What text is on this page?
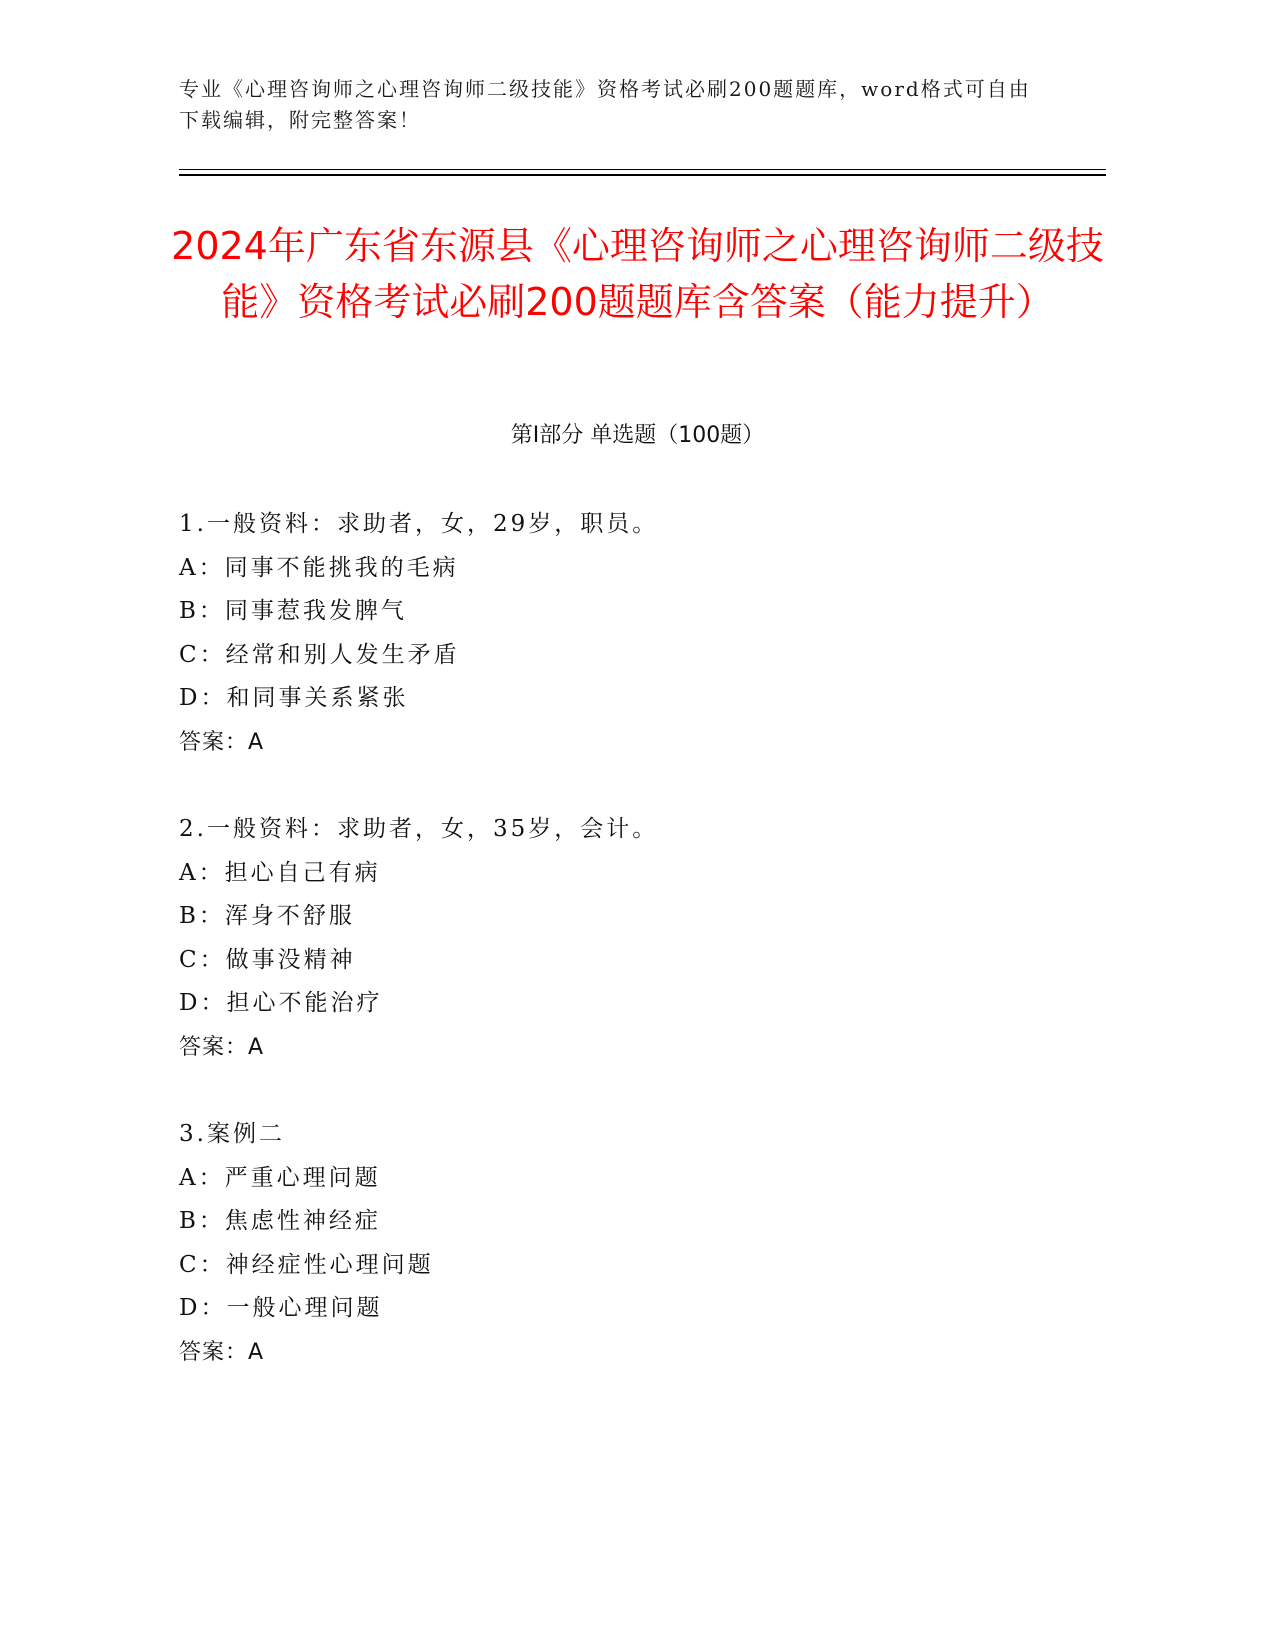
专业《心理咨询师之心理咨询师二级技能》资格考试必刷200题题库，word格式可自由下载编辑，附完整答案！
2024年广东省东源县《心理咨询师之心理咨询师二级技能》资格考试必刷200题题库含答案（能力提升）
第I部分 单选题（100题）
1.一般资料：求助者，女，29岁，职员。
A：同事不能挑我的毛病
B：同事惹我发脾气
C：经常和别人发生矛盾
D：和同事关系紧张
答案：A
2.一般资料：求助者，女，35岁，会计。
A：担心自己有病
B：浑身不舒服
C：做事没精神
D：担心不能治疗
答案：A
3.案例二
A：严重心理问题
B：焦虑性神经症
C：神经症性心理问题
D：一般心理问题
答案：A
